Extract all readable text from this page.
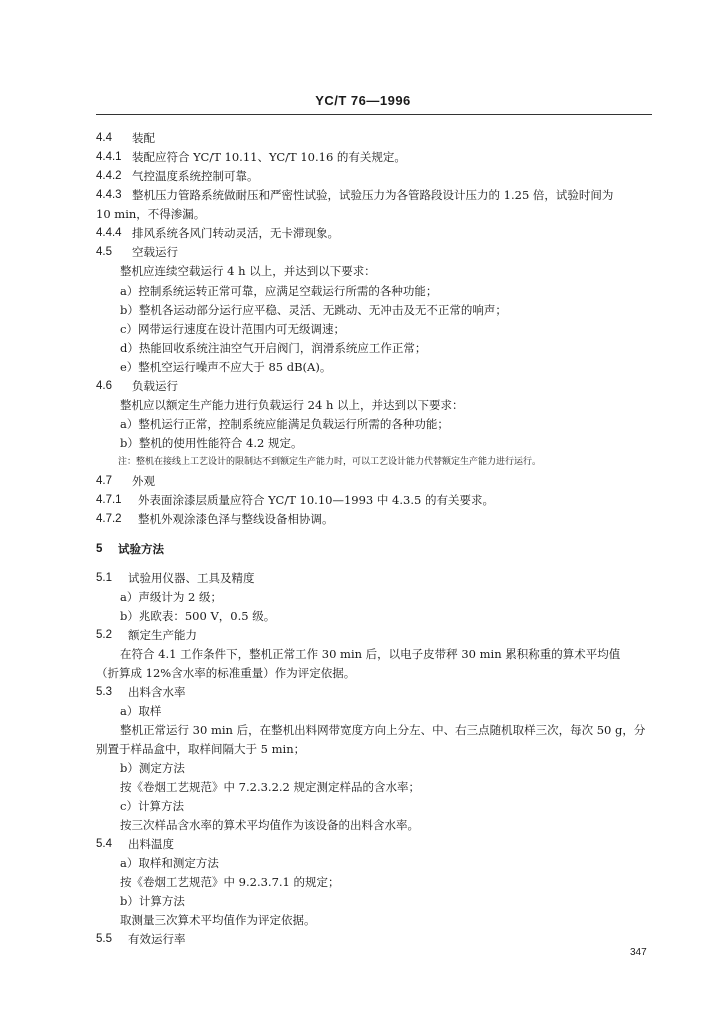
YC/T 76—1996
4.4 装配
4.4.1 装配应符合 YC/T 10.11、YC/T 10.16 的有关规定。
4.4.2 气控温度系统控制可靠。
4.4.3 整机压力管路系统做耐压和严密性试验，试验压力为各管路段设计压力的 1.25 倍，试验时间为
10 min，不得渗漏。
4.4.4 排风系统各风门转动灵活，无卡滞现象。
4.5 空载运行
整机应连续空载运行 4 h 以上，并达到以下要求：
a）控制系统运转正常可靠，应满足空载运行所需的各种功能；
b）整机各运动部分运行应平稳、灵活、无跳动、无冲击及无不正常的响声；
c）网带运行速度在设计范围内可无级调速；
d）热能回收系统注油空气开启阀门，润滑系统应工作正常；
e）整机空运行噪声不应大于 85 dB(A)。
4.6 负载运行
整机应以额定生产能力进行负载运行 24 h 以上，并达到以下要求：
a）整机运行正常，控制系统应能满足负载运行所需的各种功能；
b）整机的使用性能符合 4.2 规定。
注：整机在接线上工艺设计的限制达不到额定生产能力时，可以工艺设计能力代替额定生产能力进行运行。
4.7 外观
4.7.1 外表面涂漆层质量应符合 YC/T 10.10—1993 中 4.3.5 的有关要求。
4.7.2 整机外观涂漆色泽与整线设备相协调。
5 试验方法
5.1 试验用仪器、工具及精度
a）声级计为 2 级；
b）兆欧表：500 V，0.5 级。
5.2 额定生产能力
在符合 4.1 工作条件下，整机正常工作 30 min 后，以电子皮带秤 30 min 累积称重的算术平均值
（折算成 12%含水率的标准重量）作为评定依据。
5.3 出料含水率
a）取样
整机正常运行 30 min 后，在整机出料网带宽度方向上分左、中、右三点随机取样三次，每次 50 g，分
别置于样品盒中，取样间隔大于 5 min；
b）测定方法
按《卷烟工艺规范》中 7.2.3.2.2 规定测定样品的含水率；
c）计算方法
按三次样品含水率的算术平均值作为该设备的出料含水率。
5.4 出料温度
a）取样和测定方法
按《卷烟工艺规范》中 9.2.3.7.1 的规定；
b）计算方法
取测量三次算术平均值作为评定依据。
5.5 有效运行率
347
